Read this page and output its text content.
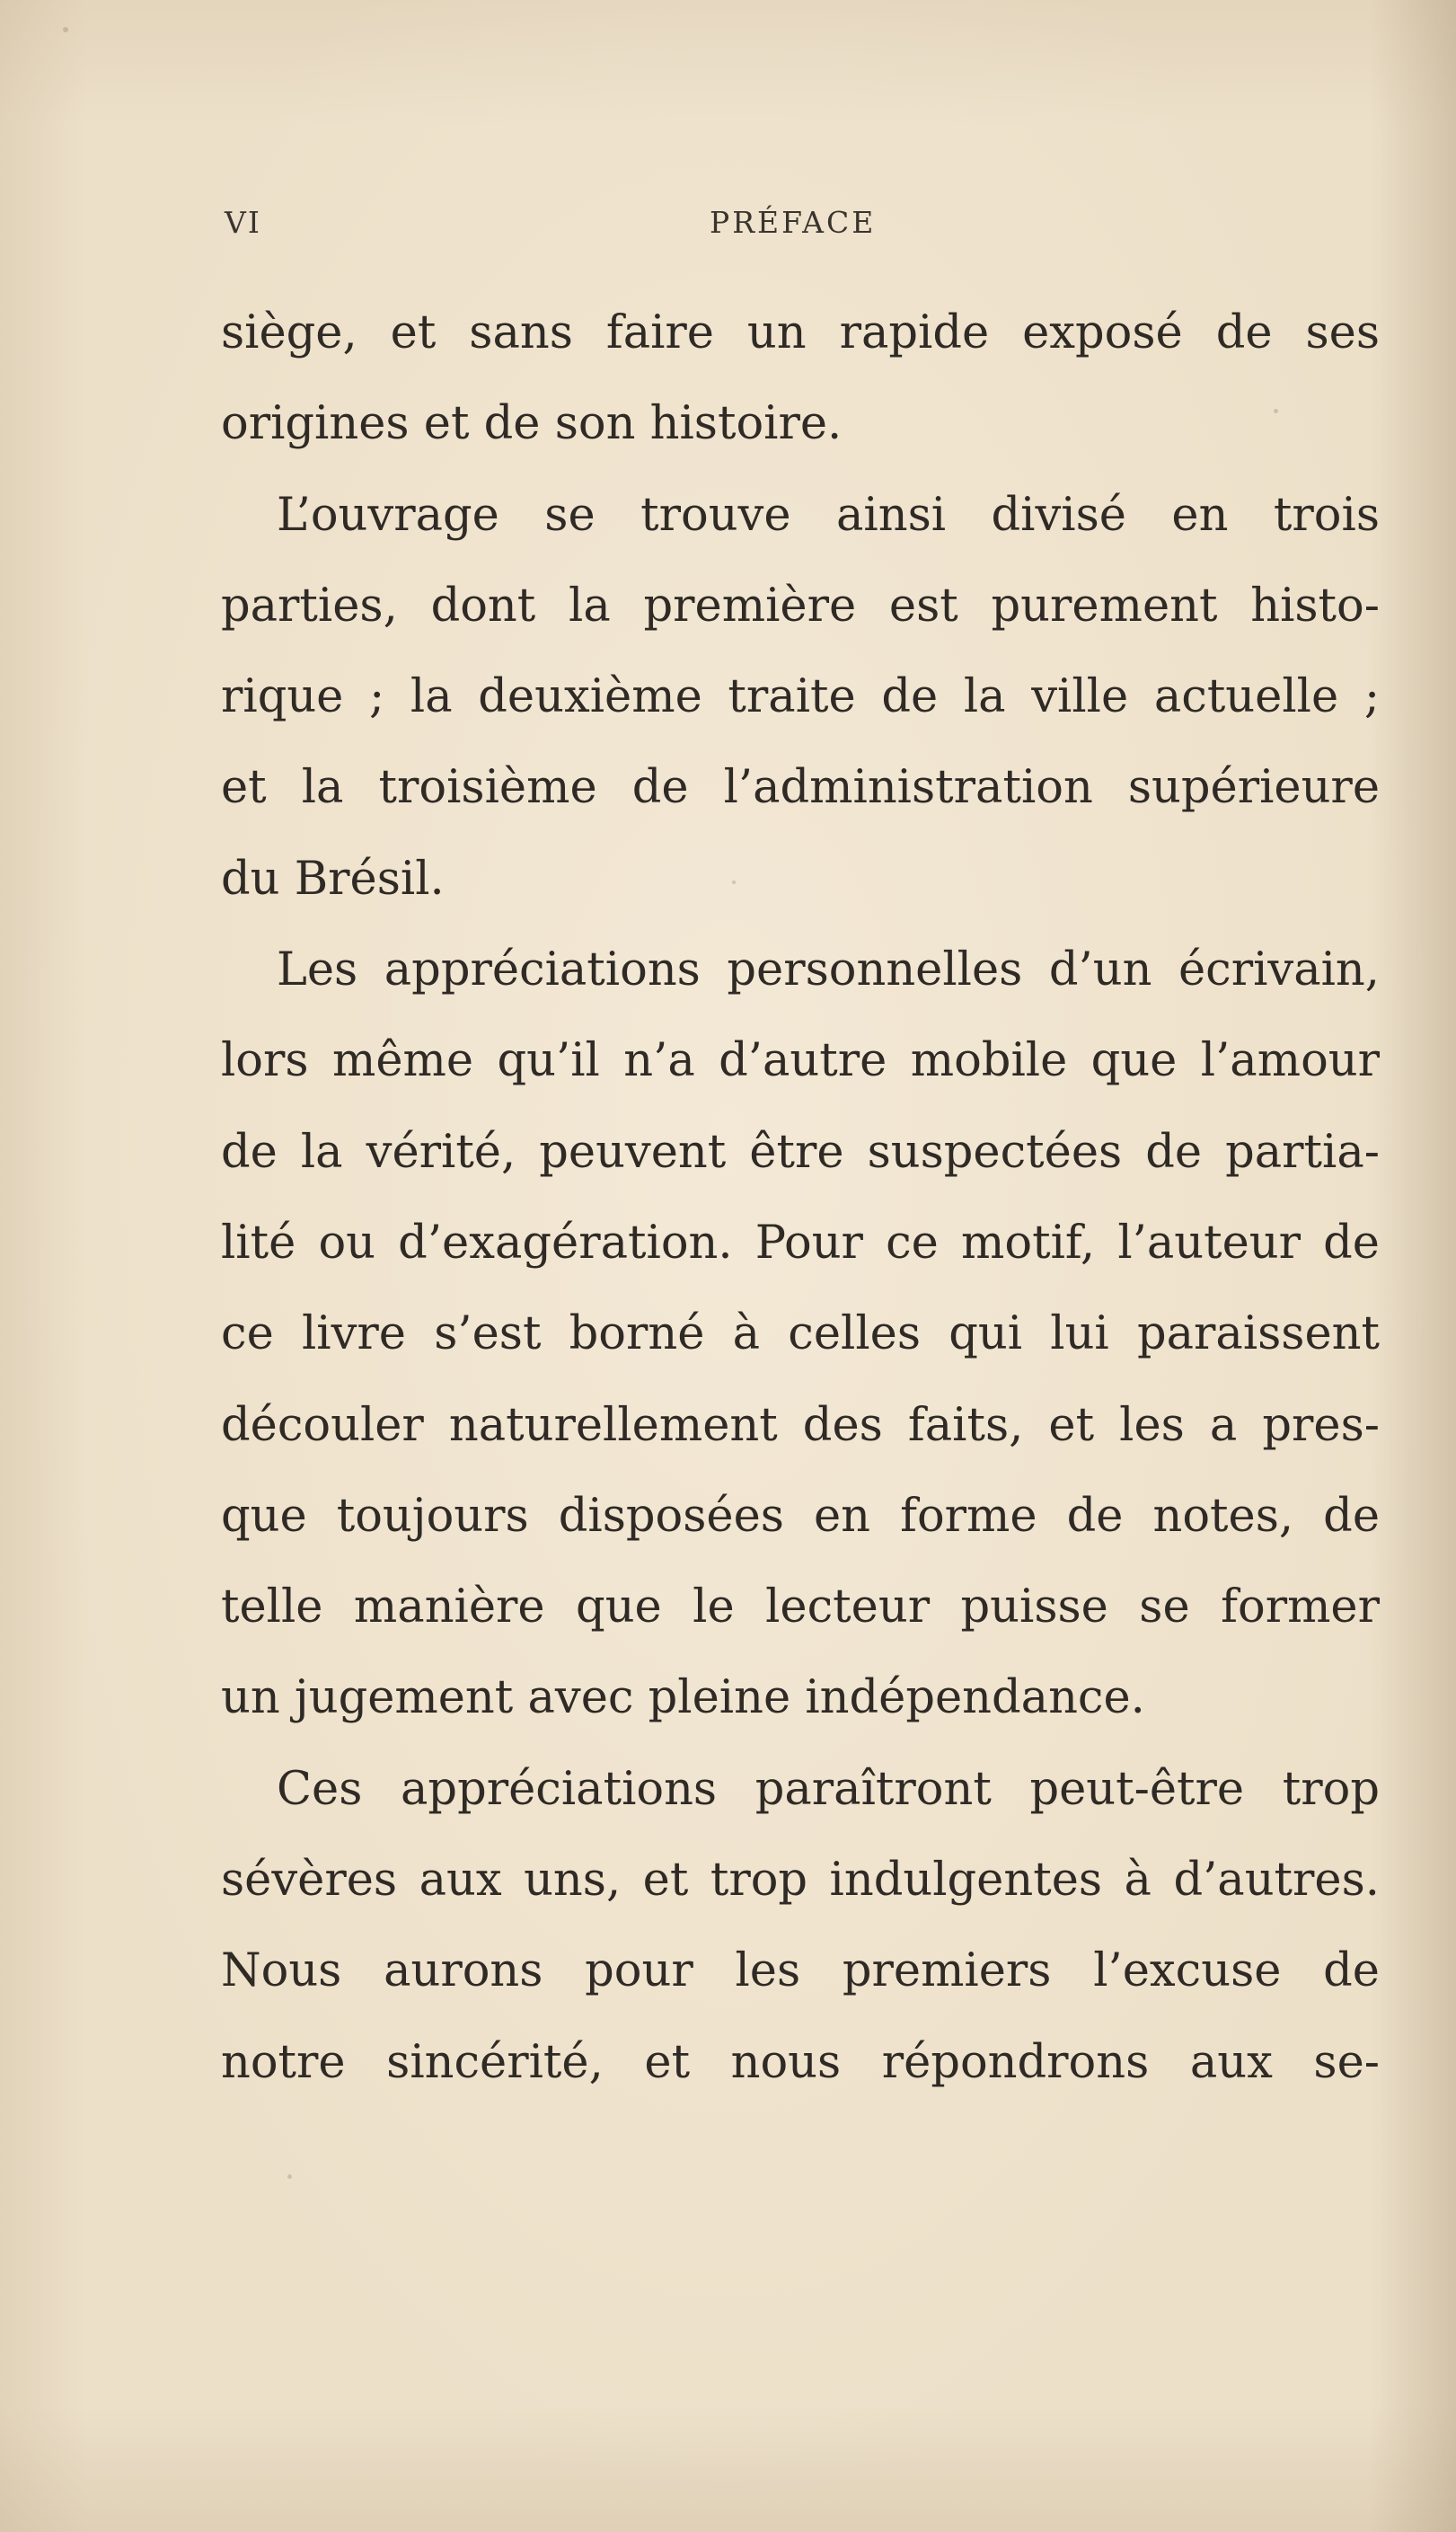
VI	PRÉFACE
siège, et sans faire un rapide exposé de ses
origines et de son histoire.
L’ouvrage se trouve ainsi divisé en trois
parties, dont la première est purement histo-
rique ; la deuxième traite de la ville actuelle ;
et la troisième de l’administration supérieure
du Brésil.
Les appréciations personnelles d’un écrivain,
lors même qu’il n’a d’autre mobile que l’amour
de la vérité, peuvent être suspectées de partia-
lité ou d’exagération. Pour ce motif, l’auteur de
ce livre s’est borné à celles qui lui paraissent
découler naturellement des faits, et les a pres-
que toujours disposées en forme de notes, de
telle manière que le lecteur puisse se former
un jugement avec pleine indépendance.
Ces appréciations paraîtront peut-être trop
sévères aux uns, et trop indulgentes à d’autres.
Nous aurons pour les premiers l’excuse de
notre sincérité, et nous répondrons aux se-
